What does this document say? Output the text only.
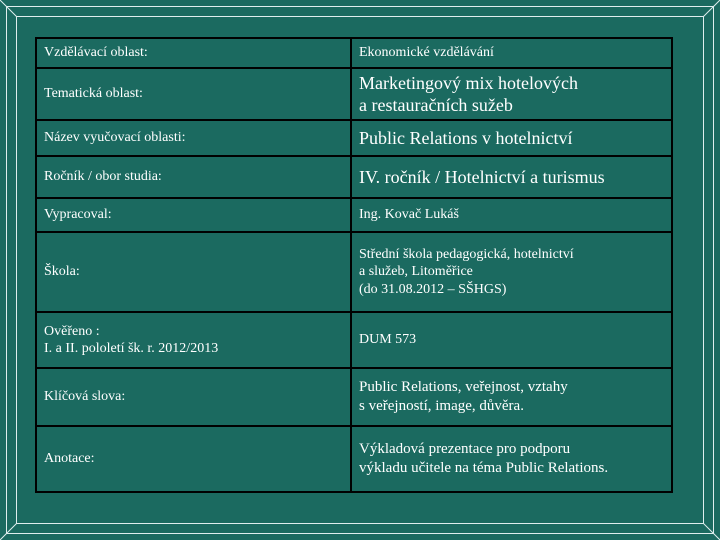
Vzdělávací oblast:	Ekonomické vzdělávání
Tematická oblast:	Marketingový mix hotelových
a restauračních sužeb
Název vyučovací oblasti:	Public Relations v hotelnictví
Ročník / obor studia:	IV. ročník / Hotelnictví a turismus
Vypracoval:	Ing. Kovač Lukáš
Škola:	Střední škola pedagogická, hotelnictví
a služeb, Litoměřice
(do 31.08.2012 – SŠHGS)
Ověřeno :
I. a II. pololetí šk. r. 2012/2013	DUM 573
Klíčová slova:	Public Relations, veřejnost, vztahy
s veřejností, image, důvěra.
Anotace:	Výkladová prezentace pro podporu
výkladu učitele na téma Public Relations.
